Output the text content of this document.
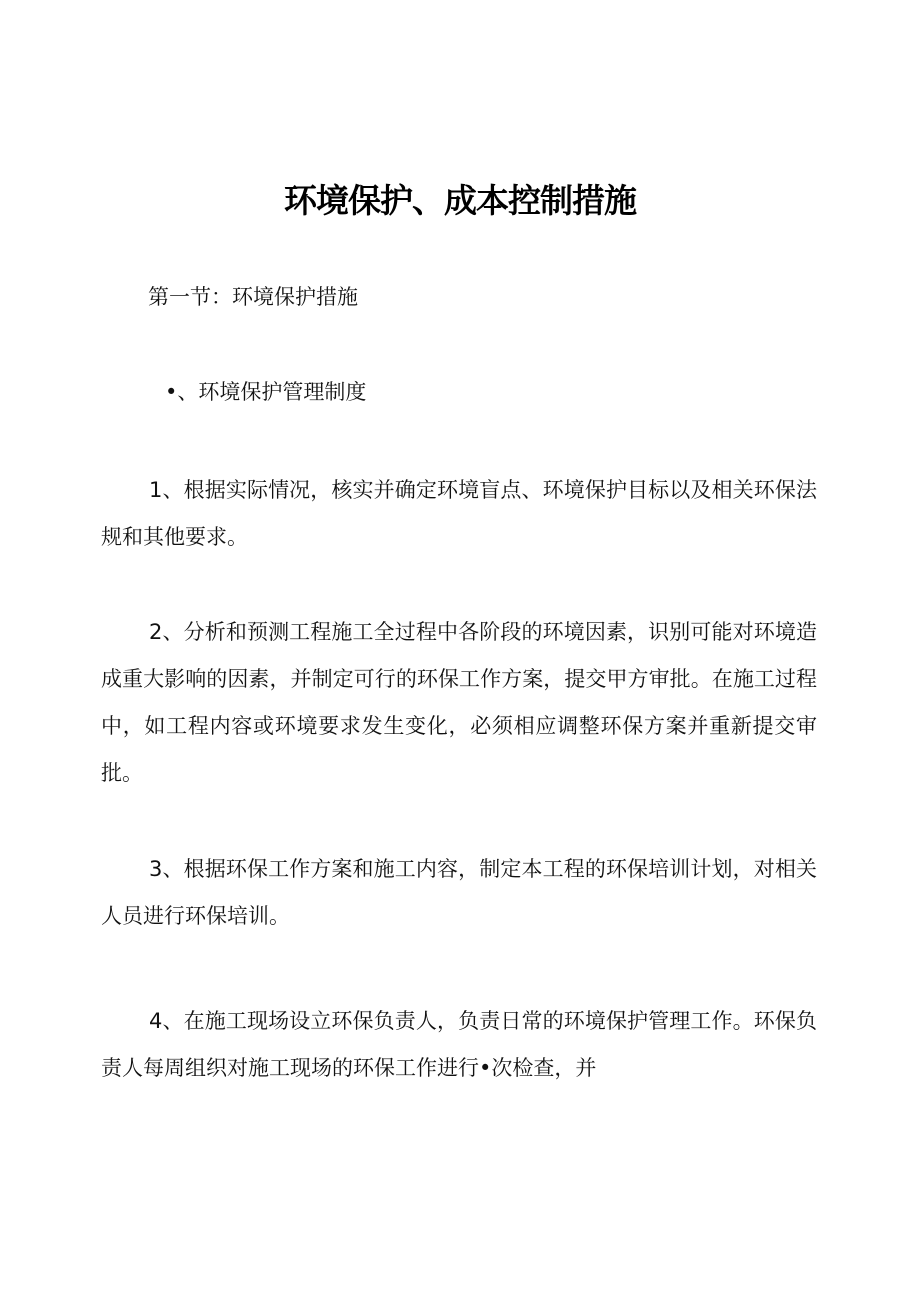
环境保护、成本控制措施
第一节：环境保护措施
•、环境保护管理制度

1、根据实际情况，核实并确定环境盲点、环境保护目标以及相关环保法规和其他要求。

2、分析和预测工程施工全过程中各阶段的环境因素，识别可能对环境造成重大影响的因素，并制定可行的环保工作方案，提交甲方审批。在施工过程中，如工程内容或环境要求发生变化，必须相应调整环保方案并重新提交审批。

3、根据环保工作方案和施工内容，制定本工程的环保培训计划，对相关人员进行环保培训。

4、在施工现场设立环保负责人，负责日常的环境保护管理工作。环保负责人每周组织对施工现场的环保工作进行•次检查，并
